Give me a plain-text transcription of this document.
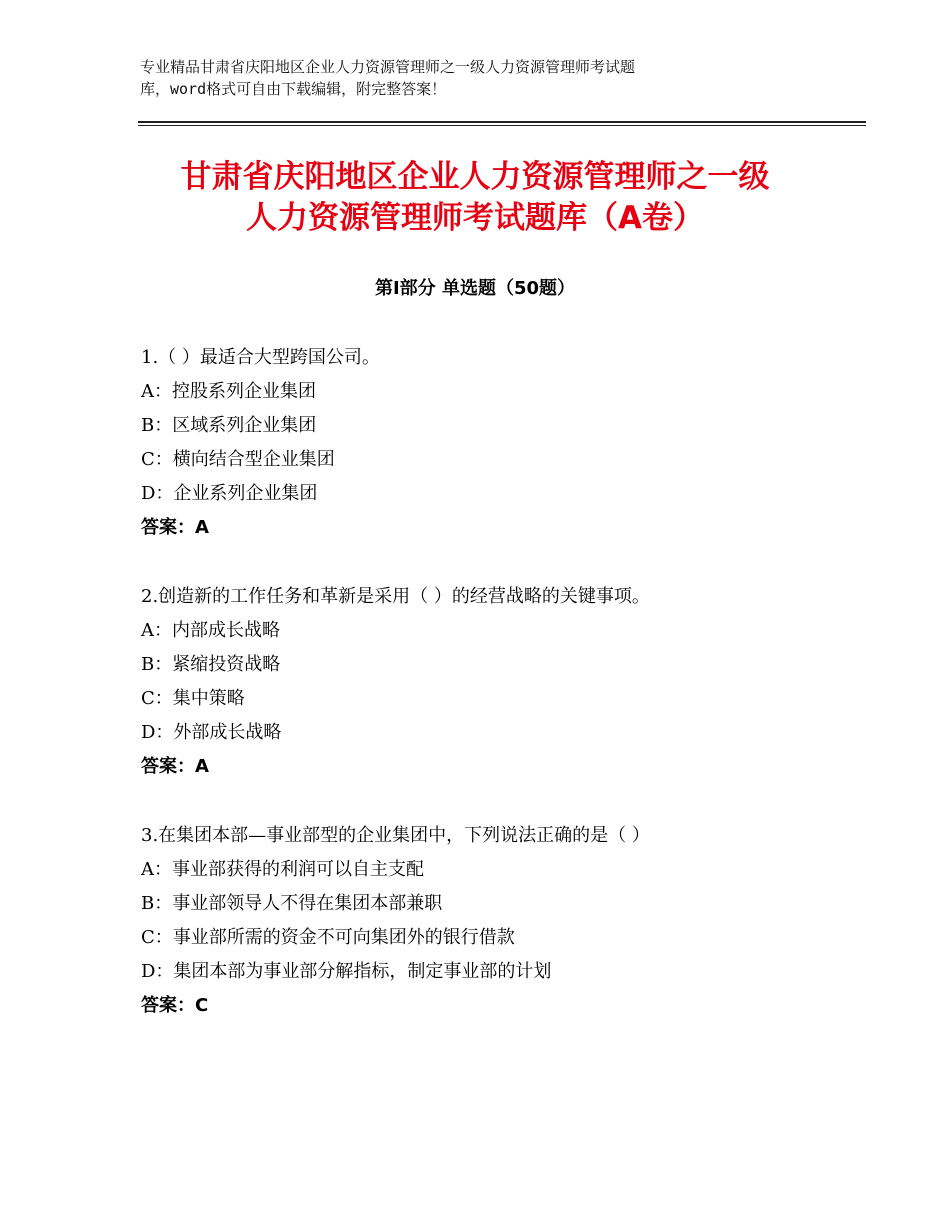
专业精品甘肃省庆阳地区企业人力资源管理师之一级人力资源管理师考试题
库，word格式可自由下载编辑，附完整答案！
甘肃省庆阳地区企业人力资源管理师之一级
人力资源管理师考试题库（A卷）
第Ⅰ部分 单选题（50题）
1.（ ）最适合大型跨国公司。
A：控股系列企业集团
B：区域系列企业集团
C：横向结合型企业集团
D：企业系列企业集团
答案：A
2.创造新的工作任务和革新是采用（ ）的经营战略的关键事项。
A：内部成长战略
B：紧缩投资战略
C：集中策略
D：外部成长战略
答案：A
3.在集团本部—事业部型的企业集团中，下列说法正确的是（ ）
A：事业部获得的利润可以自主支配
B：事业部领导人不得在集团本部兼职
C：事业部所需的资金不可向集团外的银行借款
D：集团本部为事业部分解指标，制定事业部的计划
答案：C
